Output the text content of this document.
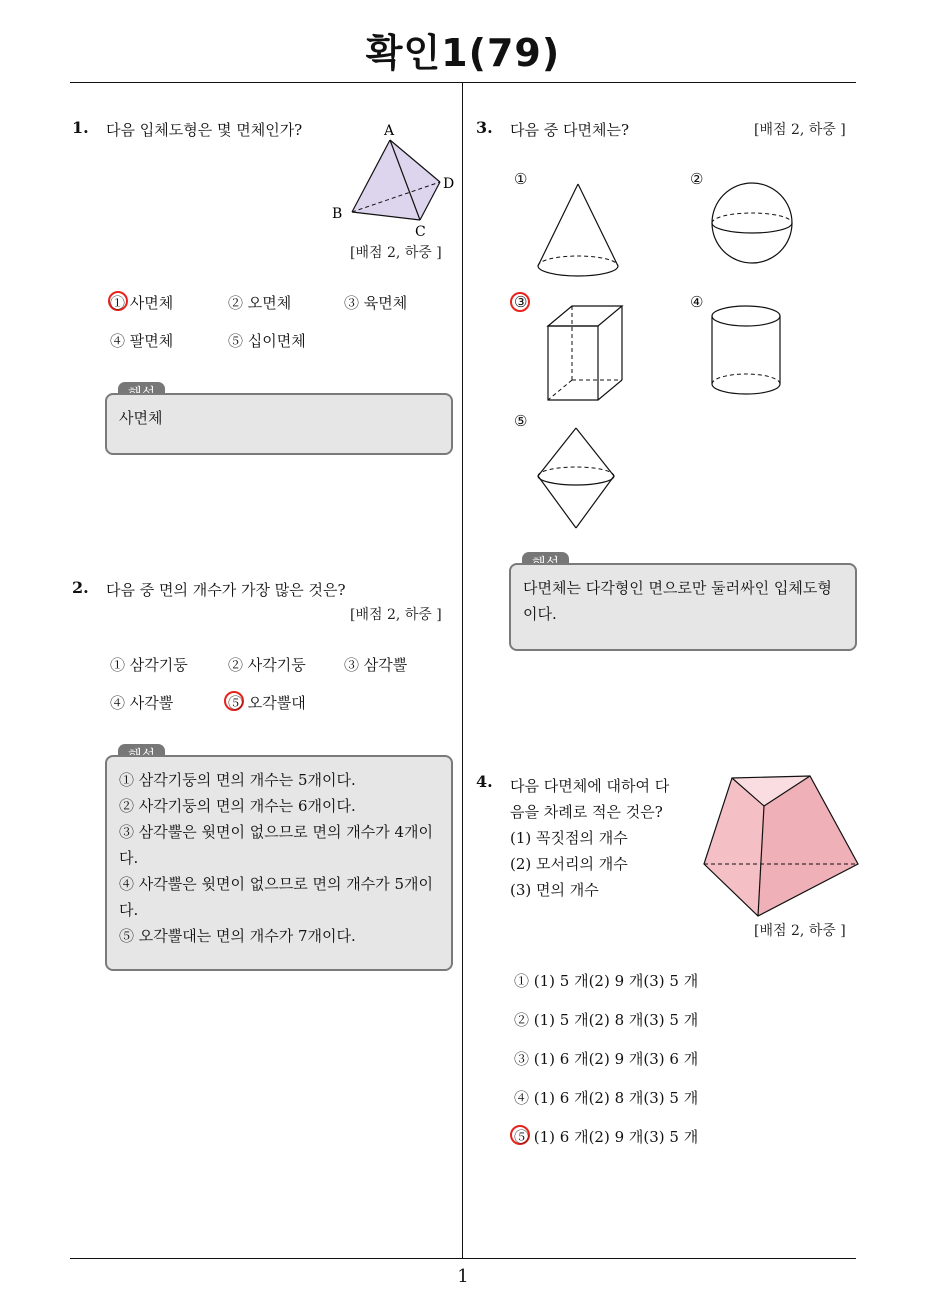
확인1(79)
1. 다음 입체도형은 몇 면체인가?	A
B
C
D
[배점 2, 하중 ]
① 사면체	② 오면체	③ 육면체
④ 팔면체	⑤ 십이면체
사면체
2. 다음 중 면의 개수가 가장 많은 것은?
[배점 2, 하중 ]
① 삼각기둥	② 사각기둥	③ 삼각뿔
④ 사각뿔	⑤ 오각뿔대
① 삼각기둥의 면의 개수는 5개이다.
② 사각기둥의 면의 개수는 6개이다.
③ 삼각뿔은 윗면이 없으므로 면의 개수가 4개이
다.
④ 사각뿔은 윗면이 없으므로 면의 개수가 5개이
다.
⑤ 오각뿔대는 면의 개수가 7개이다.
3. 다음 중 다면체는?	[배점 2, 하중 ]
①	②
③	④
⑤
다면체는 다각형인 면으로만 둘러싸인 입체도형
이다.
4. 다음 다면체에 대하여 다
음을 차례로 적은 것은?
(1) 꼭짓점의 개수
(2) 모서리의 개수
(3) 면의 개수
[배점 2, 하중 ]
① (1) 5 개(2) 9 개(3) 5 개
② (1) 5 개(2) 8 개(3) 5 개
③ (1) 6 개(2) 9 개(3) 6 개
④ (1) 6 개(2) 8 개(3) 5 개
⑤ (1) 6 개(2) 9 개(3) 5 개
1
